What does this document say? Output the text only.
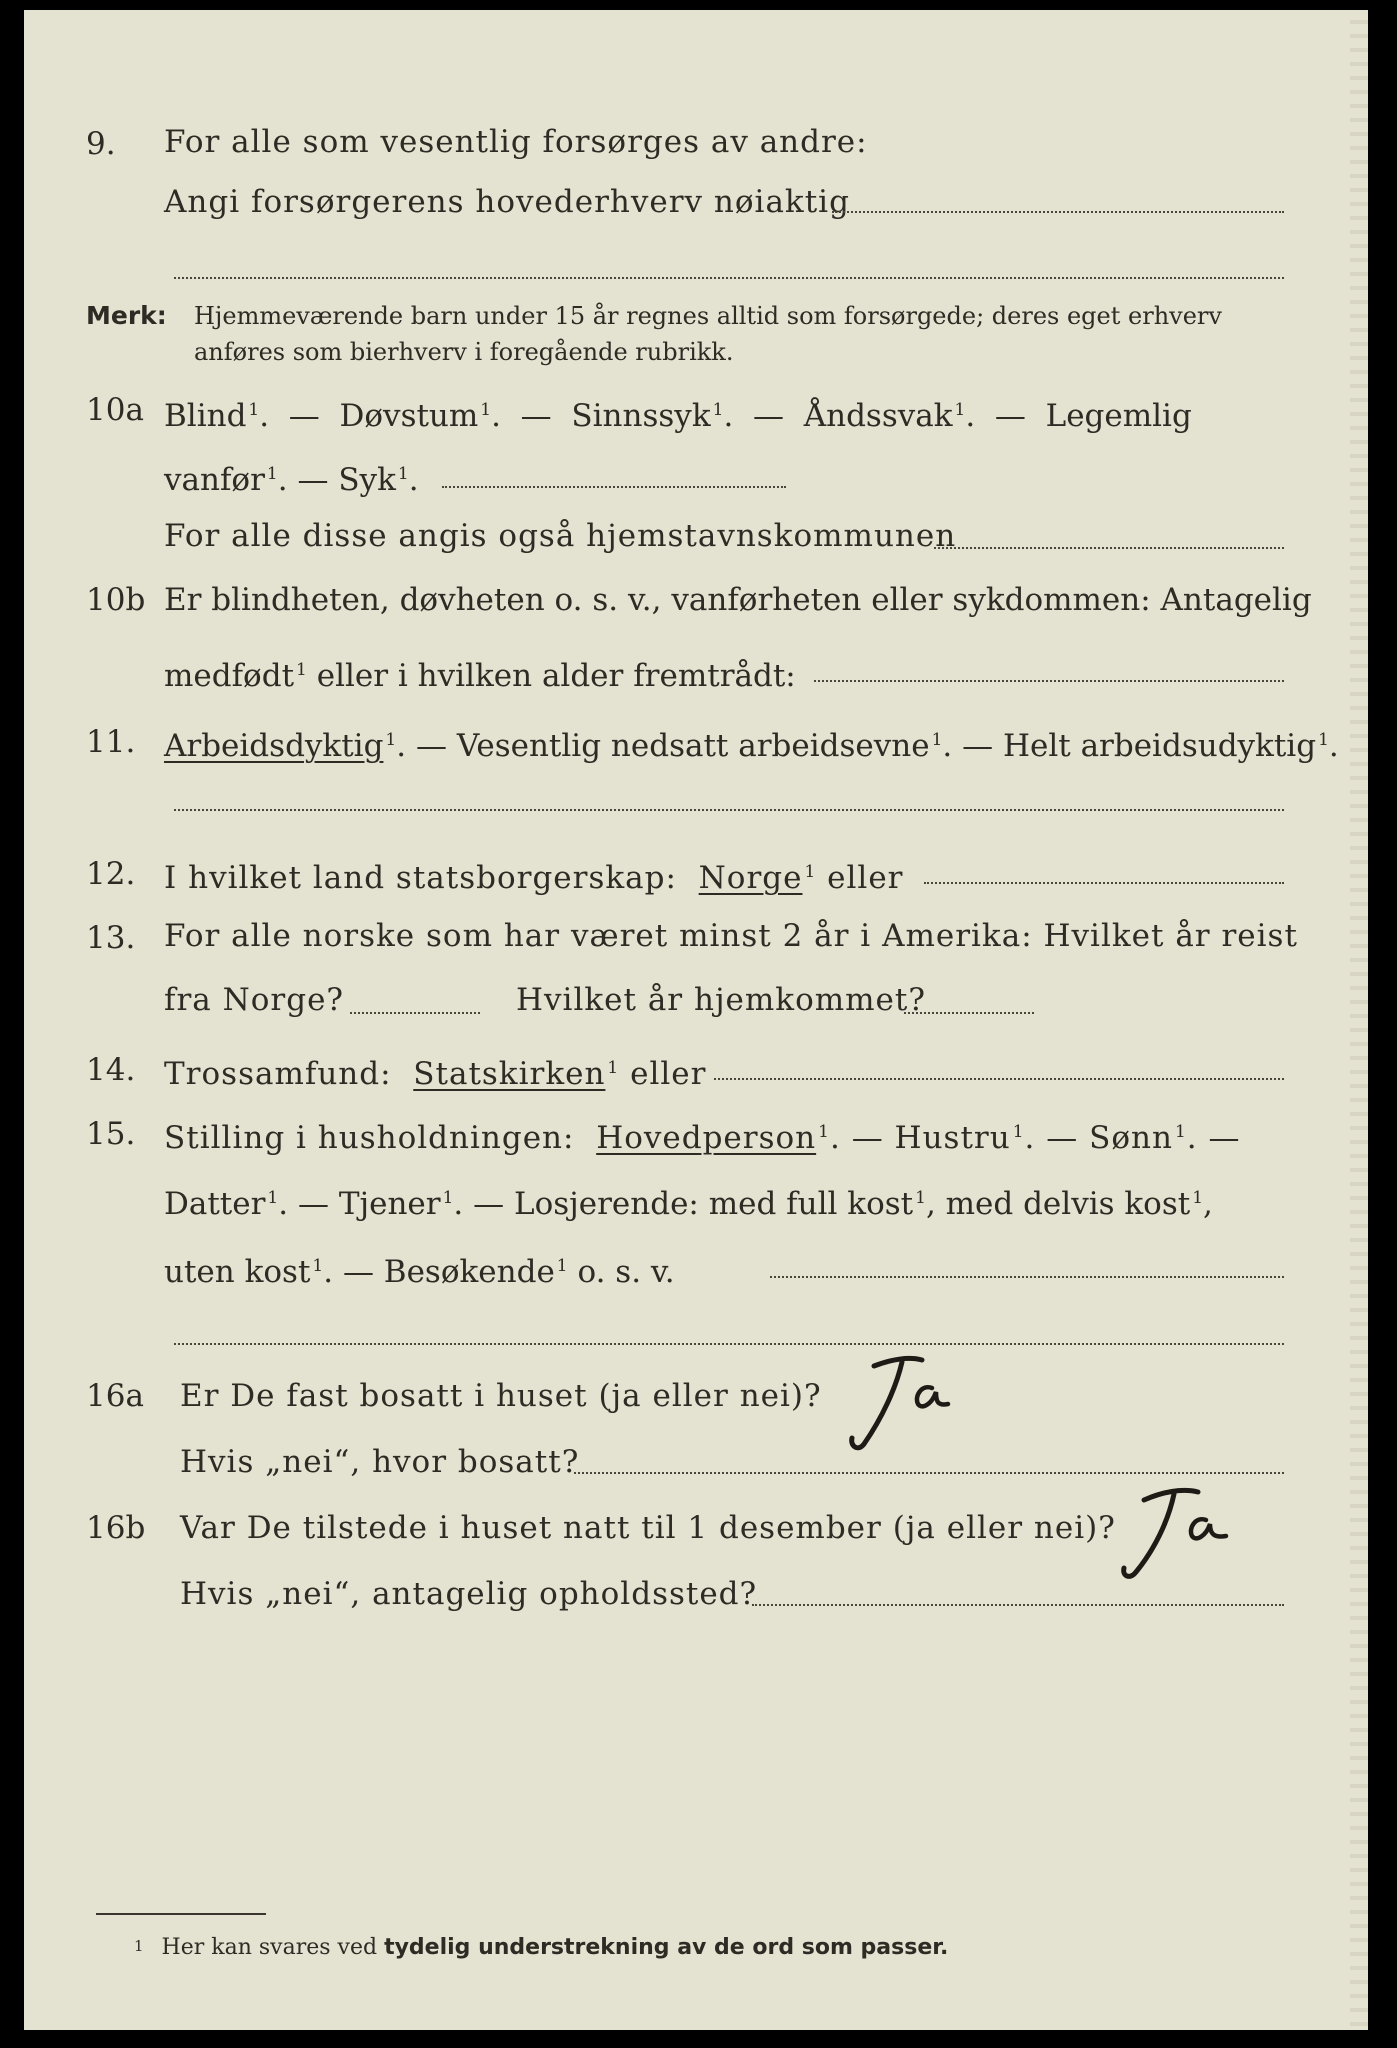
9. For alle som vesentlig forsørges av andre:
Angi forsørgerens hovederhverv nøiaktig
Merk: Hjemmeværende barn under 15 år regnes alltid som forsørgede; deres eget erhverv
anføres som bierhverv i foregående rubrikk.
10a Blind $^1$.  —  Døvstum $^1$.  —  Sinnssyk $^1$.  —  Åndssvak $^1$.  —  Legemlig
vanfør $^1$. — Syk $^1$.
For alle disse angis også hjemstavnskommunen
10b Er blindheten, døvheten o. s. v., vanførheten eller sykdommen: Antagelig
medfødt $^1$ eller i hvilken alder fremtrådt:
11. Arbeidsdyktig $^1$. — Vesentlig nedsatt arbeidsevne $^1$. — Helt arbeidsudyktig $^1$.
12. I hvilket land statsborgerskap: Norge $^1$ eller
13. For alle norske som har været minst 2 år i Amerika: Hvilket år reist
fra Norge?	Hvilket år hjemkommet?
14. Trossamfund: Statskirken $^1$ eller
15. Stilling i husholdningen: Hovedperson $^1$. — Hustru $^1$. — Sønn $^1$. —
Datter $^1$. — Tjener $^1$. — Losjerende: med full kost $^1$, med delvis kost $^1$,
uten kost $^1$. — Besøkende $^1$ o. s. v.
16a Er De fast bosatt i huset (ja eller nei)?
Hvis „nei“, hvor bosatt?
16b Var De tilstede i huset natt til 1 desember (ja eller nei)?
Hvis „nei“, antagelig opholdssted?
1 Her kan svares ved tydelig understrekning av de ord som passer.
